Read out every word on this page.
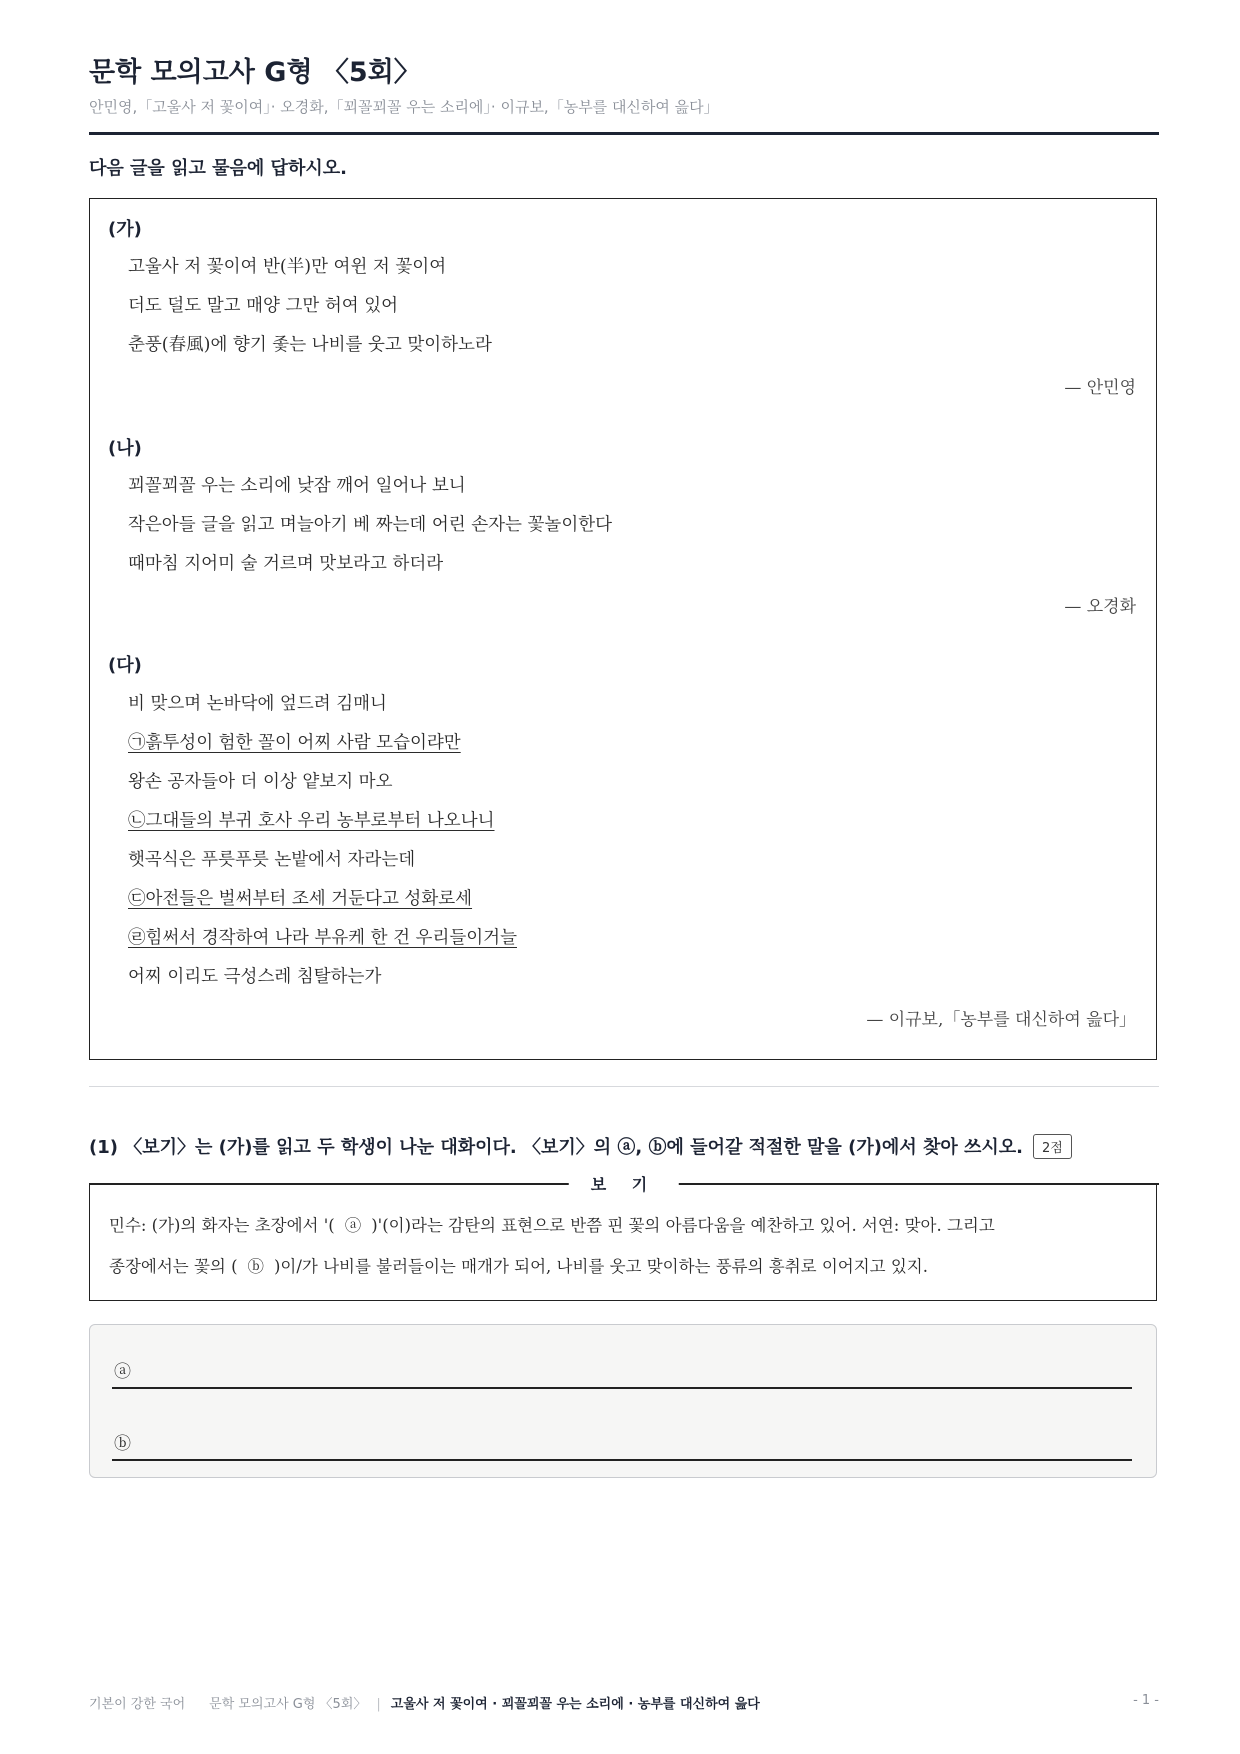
문학 모의고사 G형 〈5회〉
안민영,「고울사 저 꽃이여」· 오경화,「꾀꼴꾀꼴 우는 소리에」· 이규보,「농부를 대신하여 읊다」
다음 글을 읽고 물음에 답하시오.
(가)
고울사 저 꽃이여 반(半)만 여윈 저 꽃이여
더도 덜도 말고 매양 그만 허여 있어
춘풍(春風)에 향기 좇는 나비를 웃고 맞이하노라
— 안민영
(나)
꾀꼴꾀꼴 우는 소리에 낮잠 깨어 일어나 보니
작은아들 글을 읽고 며늘아기 베 짜는데 어린 손자는 꽃놀이한다
때마침 지어미 술 거르며 맛보라고 하더라
— 오경화
(다)
비 맞으며 논바닥에 엎드려 김매니
㉠흙투성이 험한 꼴이 어찌 사람 모습이랴만
왕손 공자들아 더 이상 얕보지 마오
㉡그대들의 부귀 호사 우리 농부로부터 나오나니
햇곡식은 푸릇푸릇 논밭에서 자라는데
㉢아전들은 벌써부터 조세 거둔다고 성화로세
㉣힘써서 경작하여 나라 부유케 한 건 우리들이거늘
어찌 이리도 극성스레 침탈하는가
— 이규보,「농부를 대신하여 읊다」
(1) 〈보기〉는 (가)를 읽고 두 학생이 나눈 대화이다. 〈보기〉의 ⓐ, ⓑ에 들어갈 적절한 말을 (가)에서 찾아 쓰시오. 2점
보 기
민수: (가)의 화자는 초장에서 '( ⓐ )'(이)라는 감탄의 표현으로 반쯤 핀 꽃의 아름다움을 예찬하고 있어. 서연: 맞아. 그리고
종장에서는 꽃의 ( ⓑ )이/가 나비를 불러들이는 매개가 되어, 나비를 웃고 맞이하는 풍류의 흥취로 이어지고 있지.
ⓐ
ⓑ
기본이 강한 국어 문학 모의고사 G형 〈5회〉 | 고울사 저 꽃이여 · 꾀꼴꾀꼴 우는 소리에 · 농부를 대신하여 읊다	- 1 -
